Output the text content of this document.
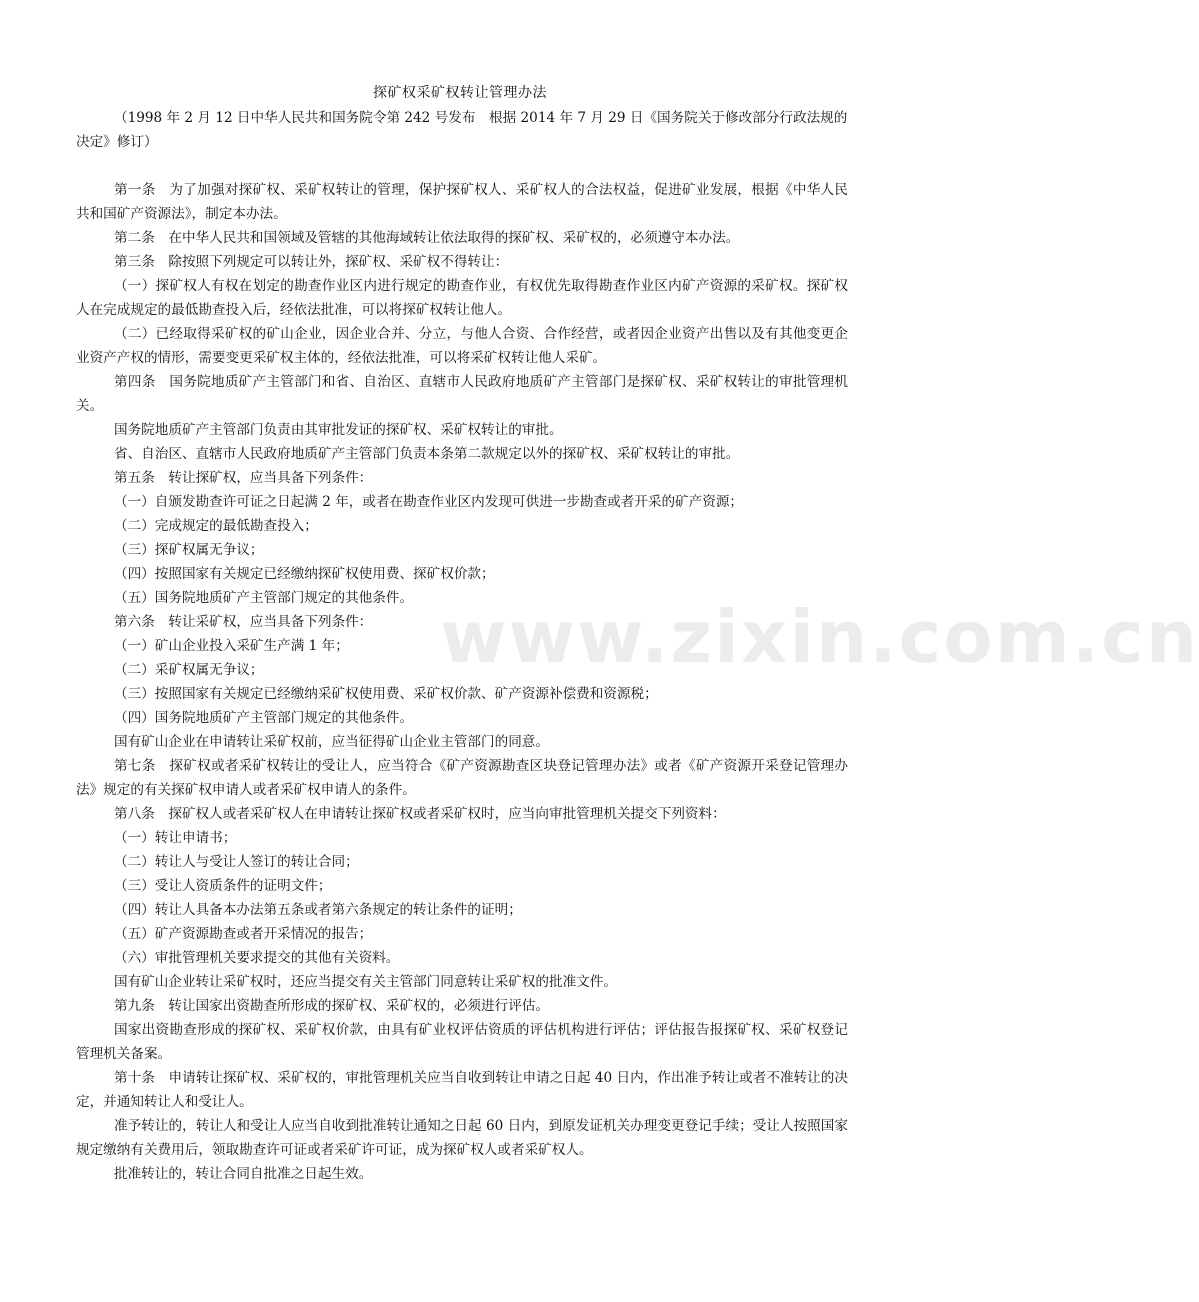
探矿权采矿权转让管理办法
（1998 年 2 月 12 日中华人民共和国务院令第 242 号发布　根据 2014 年 7 月 29 日《国务院关于修改部分行政法规的决定》修订）

第一条　为了加强对探矿权、采矿权转让的管理，保护探矿权人、采矿权人的合法权益，促进矿业发展，根据《中华人民共和国矿产资源法》，制定本办法。

第二条　在中华人民共和国领域及管辖的其他海域转让依法取得的探矿权、采矿权的，必须遵守本办法。

第三条　除按照下列规定可以转让外，探矿权、采矿权不得转让：

（一）探矿权人有权在划定的勘查作业区内进行规定的勘查作业，有权优先取得勘查作业区内矿产资源的采矿权。探矿权人在完成规定的最低勘查投入后，经依法批准，可以将探矿权转让他人。

（二）已经取得采矿权的矿山企业，因企业合并、分立，与他人合资、合作经营，或者因企业资产出售以及有其他变更企业资产产权的情形，需要变更采矿权主体的，经依法批准，可以将采矿权转让他人采矿。

第四条　国务院地质矿产主管部门和省、自治区、直辖市人民政府地质矿产主管部门是探矿权、采矿权转让的审批管理机关。

国务院地质矿产主管部门负责由其审批发证的探矿权、采矿权转让的审批。

省、自治区、直辖市人民政府地质矿产主管部门负责本条第二款规定以外的探矿权、采矿权转让的审批。

第五条　转让探矿权，应当具备下列条件：

（一）自颁发勘查许可证之日起满 2 年，或者在勘查作业区内发现可供进一步勘查或者开采的矿产资源；

（二）完成规定的最低勘查投入；

（三）探矿权属无争议；

（四）按照国家有关规定已经缴纳探矿权使用费、探矿权价款；

（五）国务院地质矿产主管部门规定的其他条件。

第六条　转让采矿权，应当具备下列条件：

（一）矿山企业投入采矿生产满 1 年；

（二）采矿权属无争议；

（三）按照国家有关规定已经缴纳采矿权使用费、采矿权价款、矿产资源补偿费和资源税；

（四）国务院地质矿产主管部门规定的其他条件。

国有矿山企业在申请转让采矿权前，应当征得矿山企业主管部门的同意。

第七条　探矿权或者采矿权转让的受让人，应当符合《矿产资源勘查区块登记管理办法》或者《矿产资源开采登记管理办法》规定的有关探矿权申请人或者采矿权申请人的条件。

第八条　探矿权人或者采矿权人在申请转让探矿权或者采矿权时，应当向审批管理机关提交下列资料：

（一）转让申请书；

（二）转让人与受让人签订的转让合同；

（三）受让人资质条件的证明文件；

（四）转让人具备本办法第五条或者第六条规定的转让条件的证明；

（五）矿产资源勘查或者开采情况的报告；

（六）审批管理机关要求提交的其他有关资料。

国有矿山企业转让采矿权时，还应当提交有关主管部门同意转让采矿权的批准文件。

第九条　转让国家出资勘查所形成的探矿权、采矿权的，必须进行评估。

国家出资勘查形成的探矿权、采矿权价款，由具有矿业权评估资质的评估机构进行评估；评估报告报探矿权、采矿权登记管理机关备案。

第十条　申请转让探矿权、采矿权的，审批管理机关应当自收到转让申请之日起 40 日内，作出准予转让或者不准转让的决定，并通知转让人和受让人。

准予转让的，转让人和受让人应当自收到批准转让通知之日起 60 日内，到原发证机关办理变更登记手续；受让人按照国家规定缴纳有关费用后，领取勘查许可证或者采矿许可证，成为探矿权人或者采矿权人。

批准转让的，转让合同自批准之日起生效。

www.zixin.com.cn
